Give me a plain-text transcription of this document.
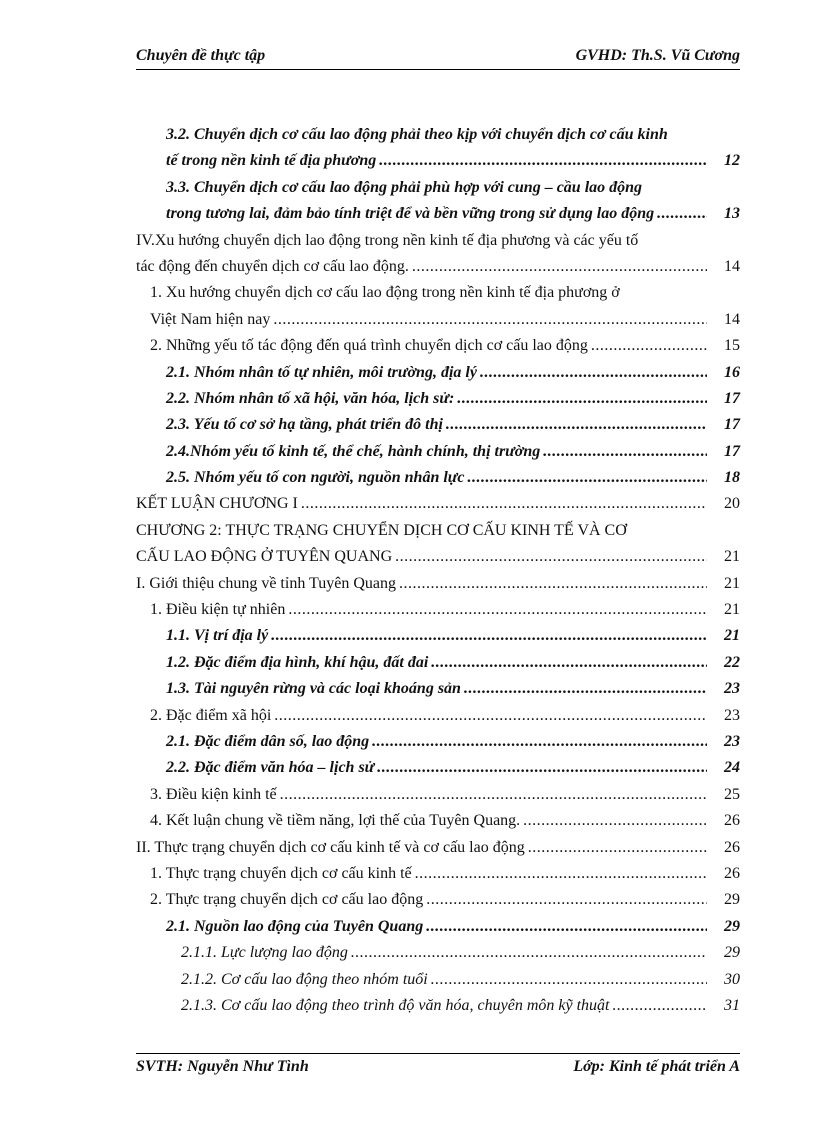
Chuyên đề thực tập	GVHD: Th.S. Vũ Cương
3.2. Chuyển dịch cơ cấu lao động phải theo kịp với chuyển dịch cơ cấu kinh
tế trong nền kinh tế địa phương .....	12
3.3. Chuyển dịch cơ cấu lao động phải phù hợp với cung – cầu lao động
trong tương lai, đảm bảo tính triệt để và bền vững trong sử dụng lao động .....	13
IV.Xu hướng chuyển dịch lao động trong nền kinh tế địa phương và các yếu tố
tác động đến chuyển dịch cơ cấu lao động. .....	14
1. Xu hướng chuyển dịch cơ cấu lao động trong nền kinh tế địa phương ở
Việt Nam hiện nay .....	14
2. Những yếu tố tác động đến quá trình chuyển dịch cơ cấu lao động .....	15
2.1. Nhóm nhân tố tự nhiên, môi trường, địa lý .....	16
2.2. Nhóm nhân tố xã hội, văn hóa, lịch sử: .....	17
2.3. Yếu tố cơ sở hạ tầng, phát triển đô thị .....	17
2.4.Nhóm yếu tố kinh tế, thể chế, hành chính, thị trường .....	17
2.5. Nhóm yếu tố con người, nguồn nhân lực .....	18
KẾT LUẬN CHƯƠNG I .....	20
CHƯƠNG 2: THỰC TRẠNG CHUYỂN DỊCH CƠ CẤU KINH TẾ VÀ CƠ
CẤU LAO ĐỘNG Ở TUYÊN QUANG .....	21
I. Giới thiệu chung về tỉnh Tuyên Quang .....	21
1. Điều kiện tự nhiên .....	21
1.1. Vị trí địa lý .....	21
1.2. Đặc điểm địa hình, khí hậu, đất đai .....	22
1.3. Tài nguyên rừng và các loại khoáng sản .....	23
2. Đặc điểm xã hội .....	23
2.1. Đặc điểm dân số, lao động .....	23
2.2. Đặc điểm văn hóa – lịch sử .....	24
3. Điều kiện kinh tế .....	25
4. Kết luận chung về tiềm năng, lợi thế của Tuyên Quang. .....	26
II. Thực trạng chuyển dịch cơ cấu kinh tế và cơ cấu lao động .....	26
1. Thực trạng chuyển dịch cơ cấu kinh tế .....	26
2. Thực trạng chuyển dịch cơ cấu lao động .....	29
2.1. Nguồn lao động của Tuyên Quang .....	29
2.1.1. Lực lượng lao động .....	29
2.1.2. Cơ cấu lao động theo nhóm tuổi .....	30
2.1.3. Cơ cấu lao động theo trình độ văn hóa, chuyên môn kỹ thuật .....	31
SVTH: Nguyễn Như Tình	Lớp: Kinh tế phát triển A
